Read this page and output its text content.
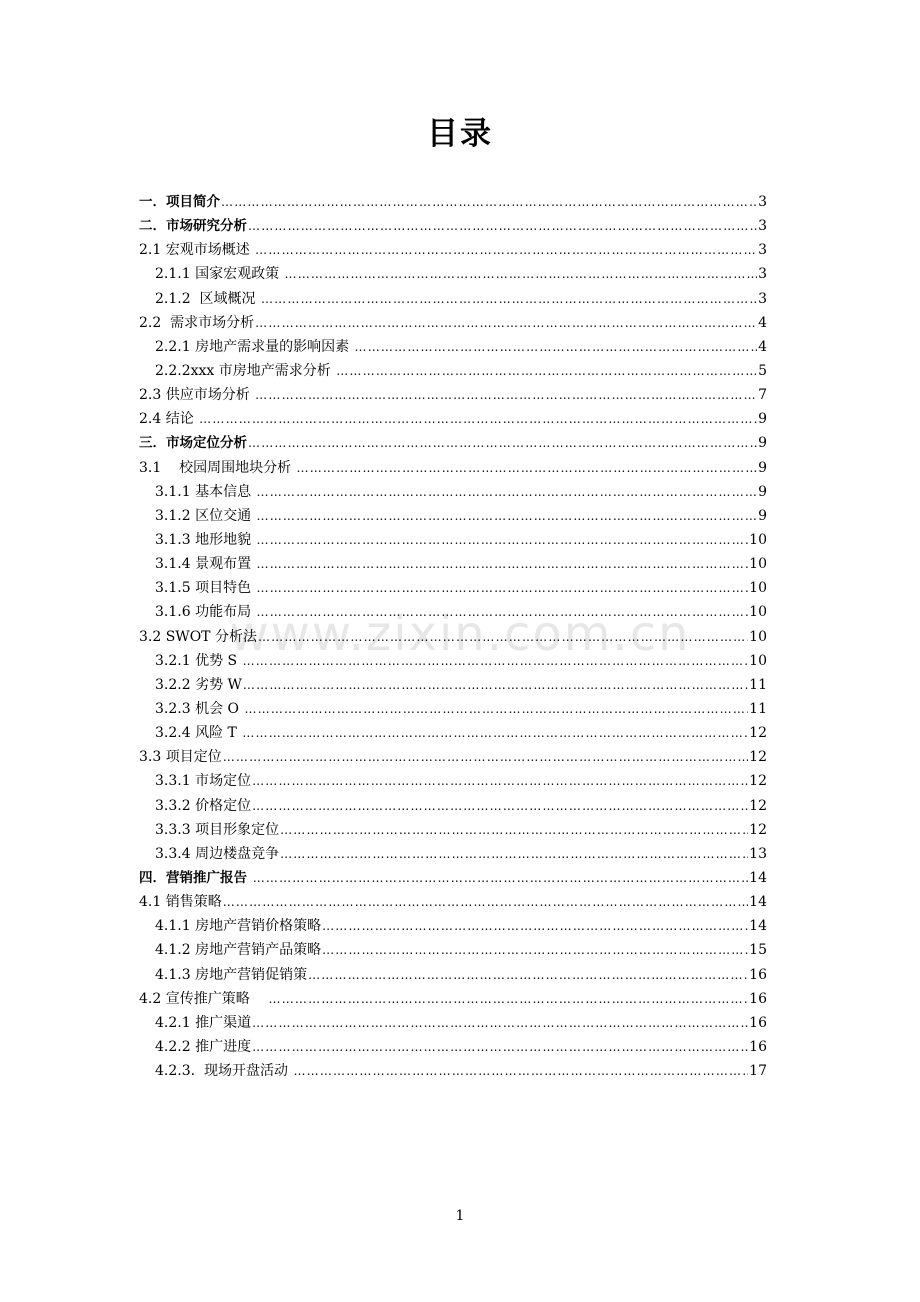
目录
www.zixin.com.cn
一．项目简介 …………………………………………………………………………………………………………………………………………………………………………	3
二．市场研究分析 …………………………………………………………………………………………………………………………………………………………………………	3
2.1 宏观市场概述 …………………………………………………………………………………………………………………………………………………………………………	3
2.1.1 国家宏观政策 …………………………………………………………………………………………………………………………………………………………………………	3
2.1.2  区域概况 …………………………………………………………………………………………………………………………………………………………………………	3
2.2  需求市场分析 …………………………………………………………………………………………………………………………………………………………………………	4
2.2.1 房地产需求量的影响因素 …………………………………………………………………………………………………………………………………………………………………………	4
2.2.2xxx 市房地产需求分析 …………………………………………………………………………………………………………………………………………………………………………	5
2.3 供应市场分析 …………………………………………………………………………………………………………………………………………………………………………	7
2.4 结论 …………………………………………………………………………………………………………………………………………………………………………	9
三．市场定位分析 …………………………………………………………………………………………………………………………………………………………………………	9
3.1    校园周围地块分析 …………………………………………………………………………………………………………………………………………………………………………	9
3.1.1 基本信息 …………………………………………………………………………………………………………………………………………………………………………	9
3.1.2 区位交通 …………………………………………………………………………………………………………………………………………………………………………	9
3.1.3 地形地貌 …………………………………………………………………………………………………………………………………………………………………………	10
3.1.4 景观布置 …………………………………………………………………………………………………………………………………………………………………………	10
3.1.5 项目特色 …………………………………………………………………………………………………………………………………………………………………………	10
3.1.6 功能布局 …………………………………………………………………………………………………………………………………………………………………………	10
3.2 SWOT 分析法 …………………………………………………………………………………………………………………………………………………………………………	10
3.2.1 优势 S …………………………………………………………………………………………………………………………………………………………………………	10
3.2.2 劣势 W …………………………………………………………………………………………………………………………………………………………………………	11
3.2.3 机会 O …………………………………………………………………………………………………………………………………………………………………………	11
3.2.4 风险 T …………………………………………………………………………………………………………………………………………………………………………	12
3.3 项目定位 …………………………………………………………………………………………………………………………………………………………………………	12
3.3.1 市场定位 …………………………………………………………………………………………………………………………………………………………………………	12
3.3.2 价格定位 …………………………………………………………………………………………………………………………………………………………………………	12
3.3.3 项目形象定位 …………………………………………………………………………………………………………………………………………………………………………	12
3.3.4 周边楼盘竞争 …………………………………………………………………………………………………………………………………………………………………………	13
四．营销推广报告 …………………………………………………………………………………………………………………………………………………………………………	14
4.1 销售策略 …………………………………………………………………………………………………………………………………………………………………………	14
4.1.1 房地产营销价格策略 …………………………………………………………………………………………………………………………………………………………………………	14
4.1.2 房地产营销产品策略 …………………………………………………………………………………………………………………………………………………………………………	15
4.1.3 房地产营销促销策 …………………………………………………………………………………………………………………………………………………………………………	16
4.2 宣传推广策略 …………………………………………………………………………………………………………………………………………………………………………	16
4.2.1 推广渠道 …………………………………………………………………………………………………………………………………………………………………………	16
4.2.2 推广进度 …………………………………………………………………………………………………………………………………………………………………………	16
4.2.3.  现场开盘活动 …………………………………………………………………………………………………………………………………………………………………………	17
1
